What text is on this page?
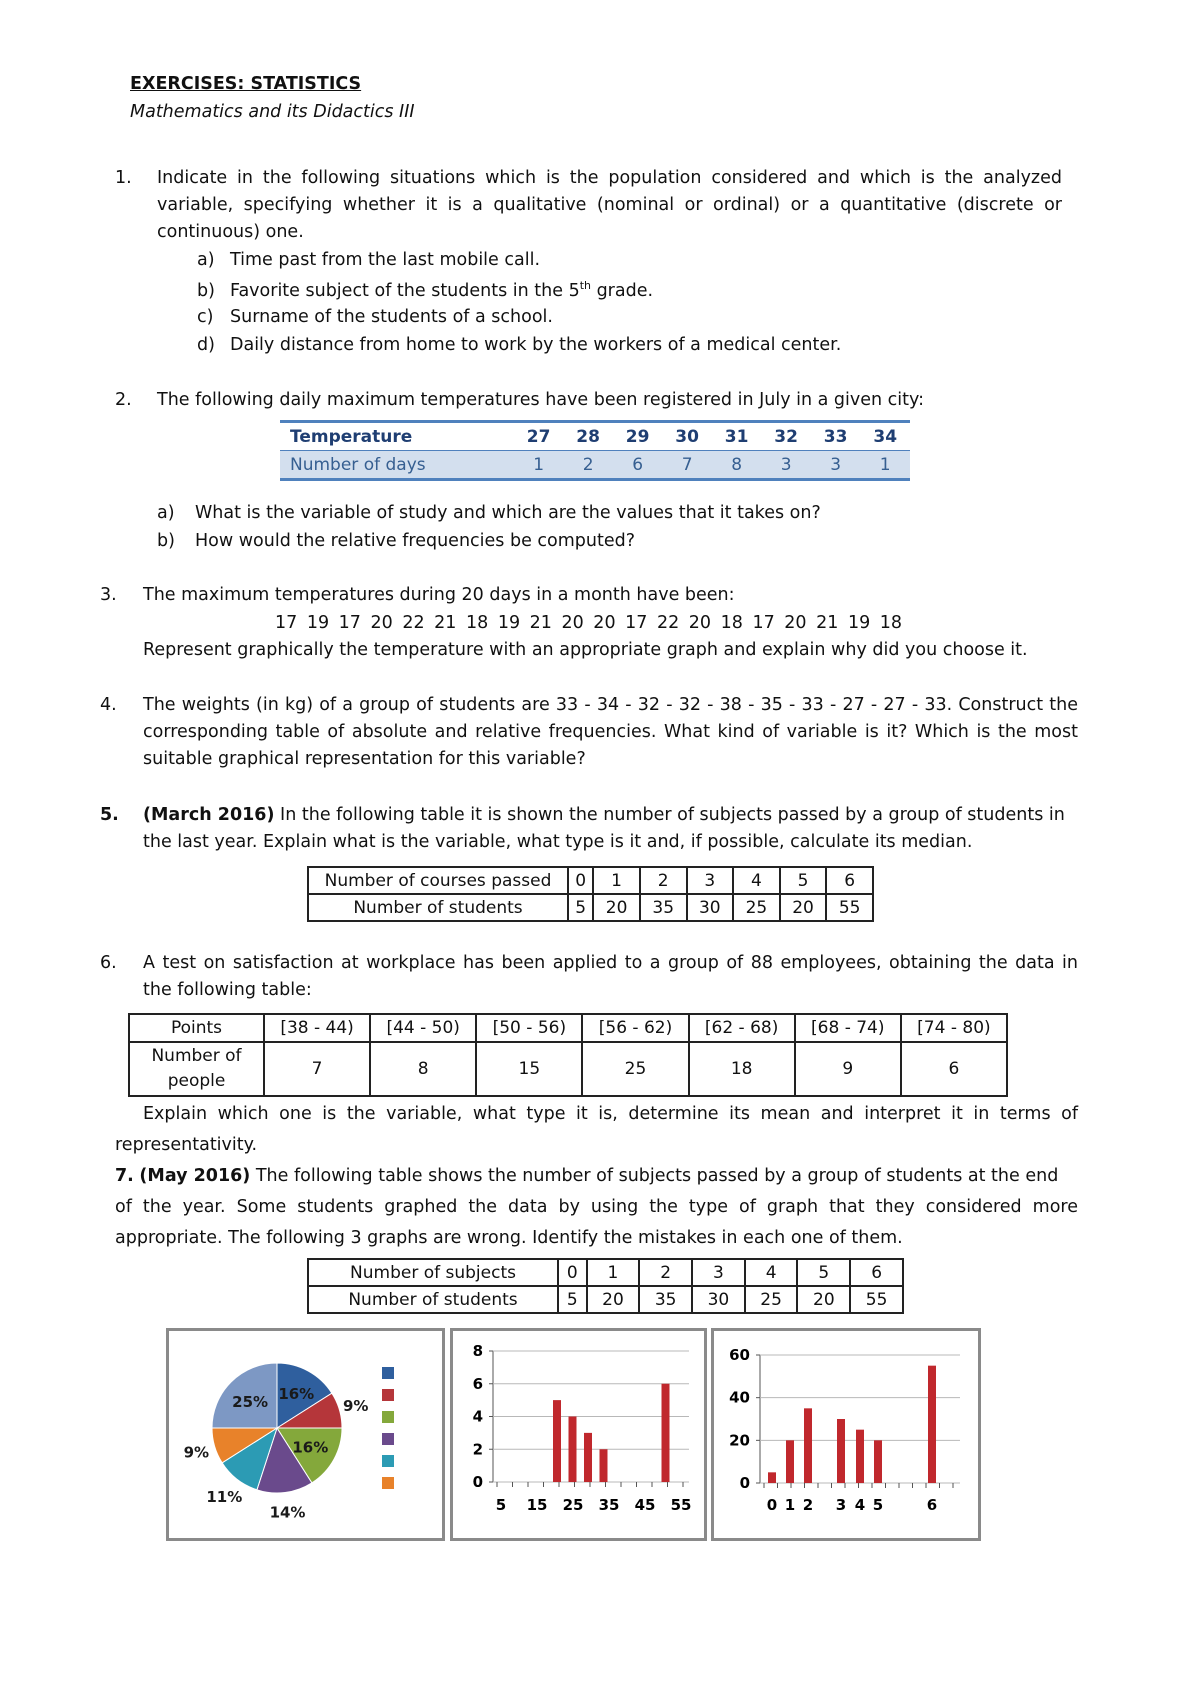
EXERCISES: STATISTICS
Mathematics and its Didactics III
1. Indicate in the following situations which is the population considered and which is the analyzed
variable, specifying whether it is a qualitative (nominal or ordinal) or a quantitative (discrete or
continuous) one.
a) Time past from the last mobile call.
b) Favorite subject of the students in the 5th grade.
c) Surname of the students of a school.
d) Daily distance from home to work by the workers of a medical center.
2. The following daily maximum temperatures have been registered in July in a given city:
Temperature	27	28	29	30	31	32	33	34
Number of days	1	2	6	7	8	3	3	1
a) What is the variable of study and which are the values that it takes on?
b) How would the relative frequencies be computed?
3. The maximum temperatures during 20 days in a month have been:
17 19 17 20 22 21 18 19 21 20 20 17 22 20 18 17 20 21 19 18
Represent graphically the temperature with an appropriate graph and explain why did you choose it.
4. The weights (in kg) of a group of students are 33 - 34 - 32 - 32 - 38 - 35 - 33 - 27 - 27 - 33. Construct the
corresponding table of absolute and relative frequencies. What kind of variable is it? Which is the most
suitable graphical representation for this variable?
5. (March 2016) In the following table it is shown the number of subjects passed by a group of students in
the last year. Explain what is the variable, what type is it and, if possible, calculate its median.
Number of courses passed	0	1	2	3	4	5	6
Number of students	5	20	35	30	25	20	55
6. A test on satisfaction at workplace has been applied to a group of 88 employees, obtaining the data in
the following table:
Points	[38 - 44)	[44 - 50)	[50 - 56)	[56 - 62)	[62 - 68)	[68 - 74)	[74 - 80)
Number of people	7	8	15	25	18	9	6
Explain which one is the variable, what type it is, determine its mean and interpret it in terms of
representativity.
7. (May 2016) The following table shows the number of subjects passed by a group of students at the end
of the year. Some students graphed the data by using the type of graph that they considered more
appropriate. The following 3 graphs are wrong. Identify the mistakes in each one of them.
Number of subjects	0	1	2	3	4	5	6
Number of students	5	20	35	30	25	20	55
16%
9%
16%
14%
11%
9%
25%
0
2
4
6
8
5 15 25 35 45 55
0
20
40
60
0 1 2 3 4 5	6
